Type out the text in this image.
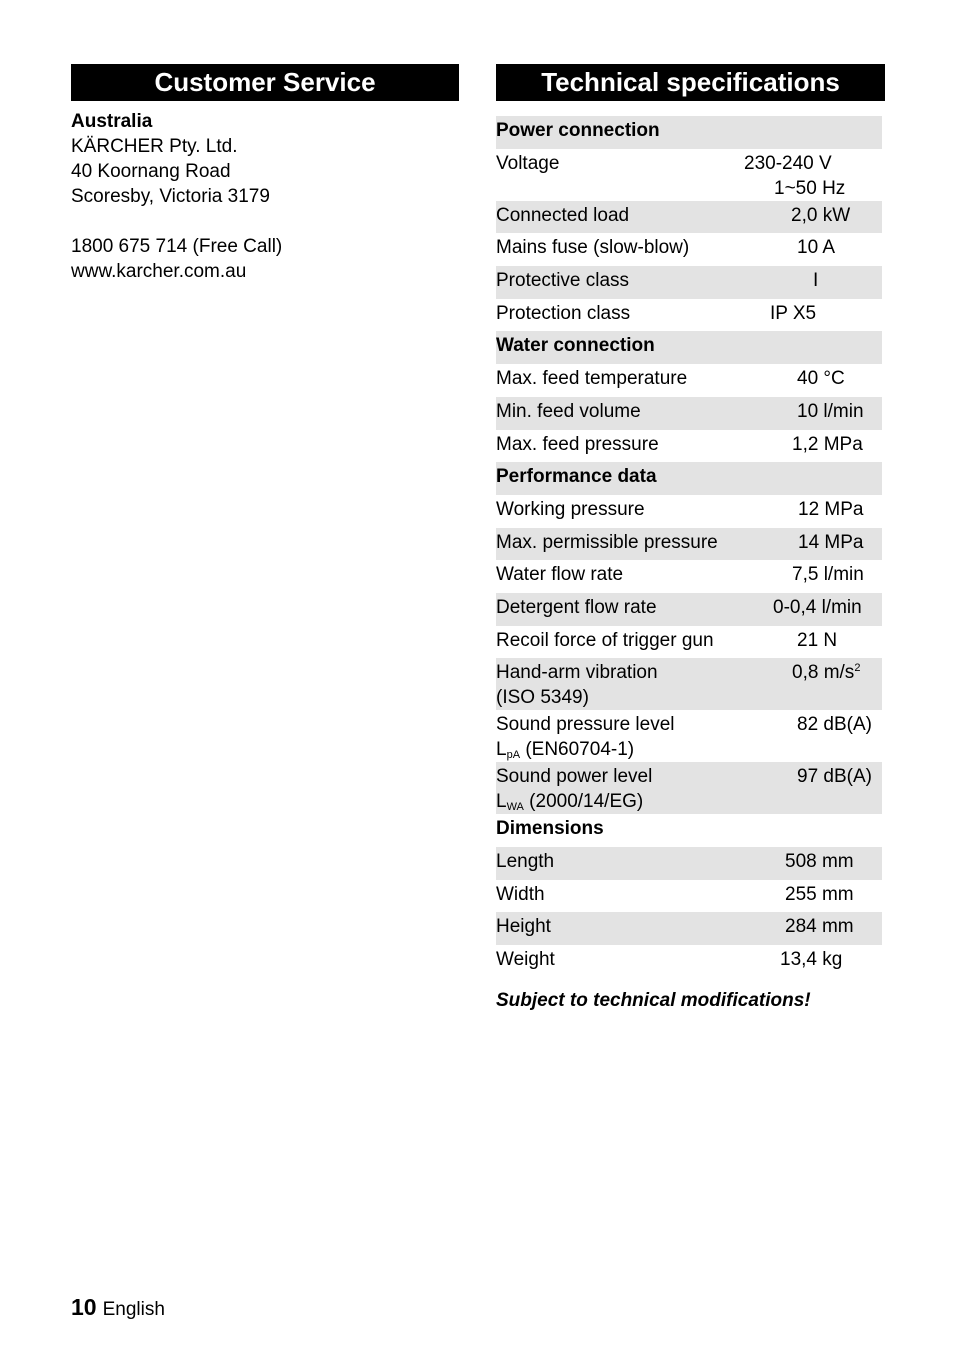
Customer Service
Australia
KÄRCHER Pty. Ltd.
40 Koornang Road
Scoresby, Victoria 3179
1800 675 714 (Free Call)
www.karcher.com.au
Technical specifications
Power connection	
Voltage	230-240 V
1~50 Hz

Connected load	2,0 kW

Mains fuse (slow-blow)	10 A

Protective class	I

Protection class	IP X5

Water connection	
Max. feed temperature	40 °C

Min. feed volume	10 l/min

Max. feed pressure	1,2 MPa

Performance data	
Working pressure	12 MPa

Max. permissible pressure	14 MPa

Water flow rate	7,5 l/min

Detergent flow rate	0-0,4 l/min

Recoil force of trigger gun	21 N

Hand-arm vibration
(ISO 5349)	0,8 $m/s^2$

Sound pressure level
$L_{pA}$ (EN60704-1)	82 dB(A)

Sound power level
$L_{WA}$ (2000/14/EG)	97 dB(A)

Dimensions	
Length	508 mm

Width	255 mm

Height	284 mm

Weight	13,4 kg
Subject to technical modifications!
10 English
